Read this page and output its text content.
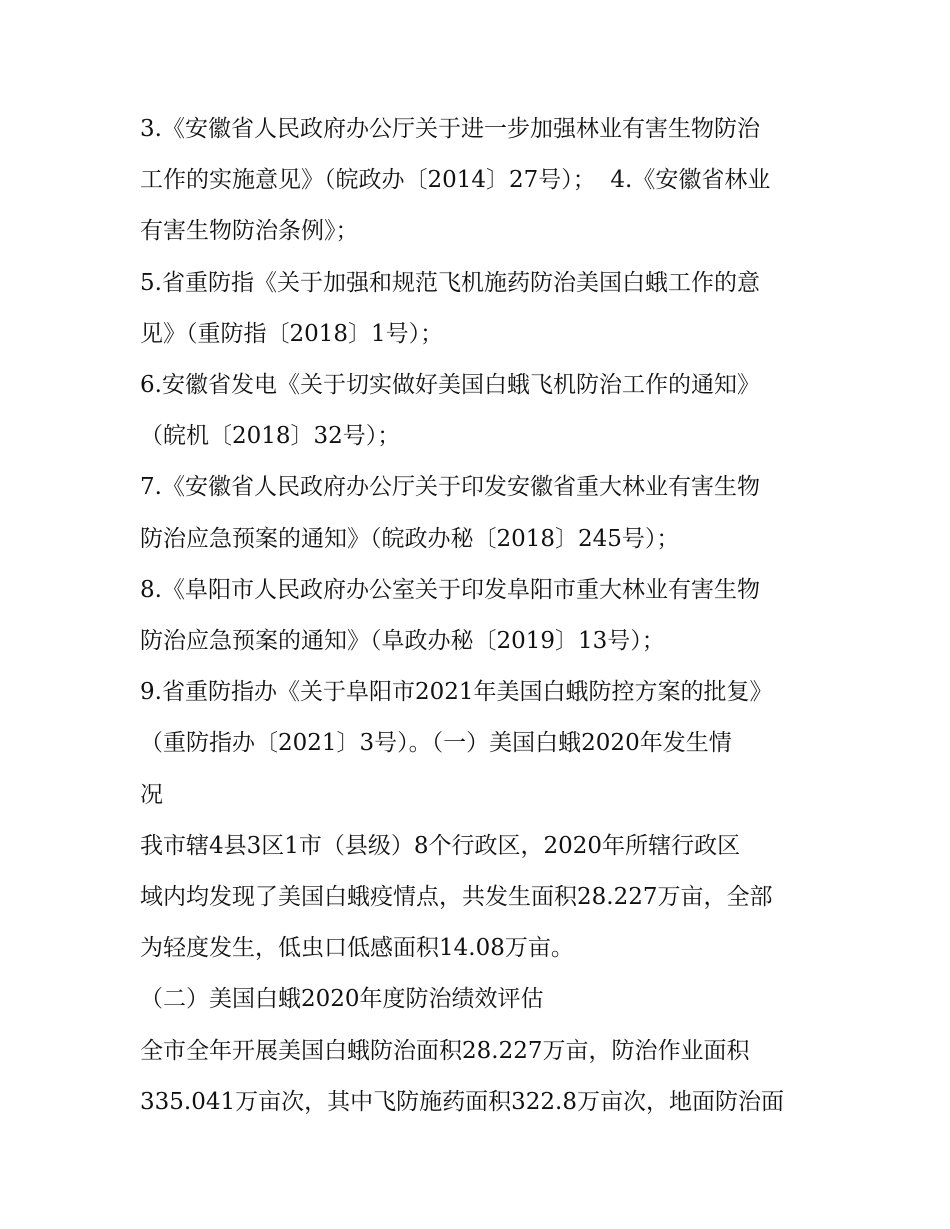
3.《安徽省人民政府办公厅关于进一步加强林业有害生物防治

工作的实施意见》（皖政办〔2014〕27号）；  4.《安徽省林业

有害生物防治条例》；

5.省重防指《关于加强和规范飞机施药防治美国白蛾工作的意

见》（重防指〔2018〕1号）；

6.安徽省发电《关于切实做好美国白蛾飞机防治工作的通知》

（皖机〔2018〕32号）；

7.《安徽省人民政府办公厅关于印发安徽省重大林业有害生物

防治应急预案的通知》（皖政办秘〔2018〕245号）；

8.《阜阳市人民政府办公室关于印发阜阳市重大林业有害生物

防治应急预案的通知》（阜政办秘〔2019〕13号）；

9.省重防指办《关于阜阳市2021年美国白蛾防控方案的批复》

（重防指办〔2021〕3号）。（一）美国白蛾2020年发生情

况

我市辖4县3区1市（县级）8个行政区，2020年所辖行政区

域内均发现了美国白蛾疫情点，共发生面积28.227万亩，全部

为轻度发生，低虫口低感面积14.08万亩。

（二）美国白蛾2020年度防治绩效评估

全市全年开展美国白蛾防治面积28.227万亩，防治作业面积

335.041万亩次，其中飞防施药面积322.8万亩次，地面防治面
